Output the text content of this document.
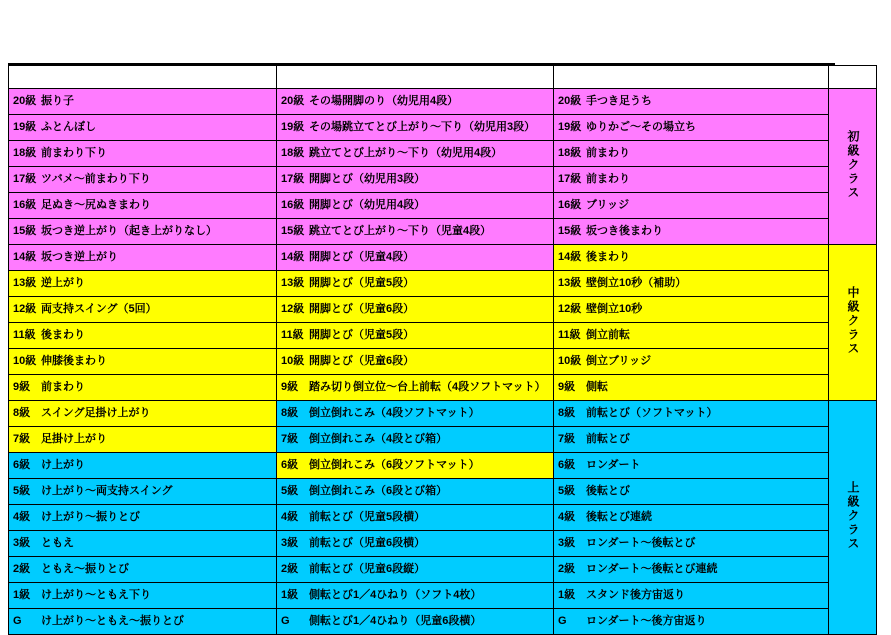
20級 振り子	20級 その場開脚のり（幼児用4段）	20級 手つき足うち	初級クラス
19級 ふとんぼし	19級 その場跳立てとび上がり～下り（幼児用3段）	19級 ゆりかご～その場立ち	
18級 前まわり下り	18級 跳立てとび上がり～下り（幼児用4段）	18級 前まわり	
17級 ツバメ～前まわり下り	17級 開脚とび（幼児用3段）	17級 前まわり	
16級 足ぬき～尻ぬきまわり	16級 開脚とび（幼児用4段）	16級 ブリッジ	
15級 坂つき逆上がり（起き上がりなし）	15級 跳立てとび上がり～下り（児童4段）	15級 坂つき後まわり	
14級 坂つき逆上がり	14級 開脚とび（児童4段）	14級 後まわり	中級クラス
13級 逆上がり	13級 開脚とび（児童5段）	13級 壁倒立10秒（補助）	
12級 両支持スイング（5回）	12級 開脚とび（児童6段）	12級 壁倒立10秒	
11級 後まわり	11級 開脚とび（児童5段）	11級 倒立前転	
10級 伸膝後まわり	10級 開脚とび（児童6段）	10級 倒立ブリッジ	
9級 前まわり	9級 踏み切り倒立位～台上前転（4段ソフトマット）	9級 側転	
8級 スイング足掛け上がり	8級 倒立倒れこみ（4段ソフトマット）	8級 前転とび（ソフトマット）	上級クラス
7級 足掛け上がり	7級 倒立倒れこみ（4段とび箱）	7級 前転とび	
6級 け上がり	6級 倒立倒れこみ（6段ソフトマット）	6級 ロンダート	
5級 け上がり～両支持スイング	5級 倒立倒れこみ（6段とび箱）	5級 後転とび	
4級 け上がり～振りとび	4級 前転とび（児童5段横）	4級 後転とび連続	
3級 ともえ	3級 前転とび（児童6段横）	3級 ロンダート～後転とび	
2級 ともえ～振りとび	2級 前転とび（児童6段縦）	2級 ロンダート～後転とび連続	
1級 け上がり～ともえ下り	1級 側転とび1／4ひねり（ソフト4枚）	1級 スタンド後方宙返り	
G け上がり～ともえ～振りとび	G 側転とび1／4ひねり（児童6段横）	G ロンダート～後方宙返り	
